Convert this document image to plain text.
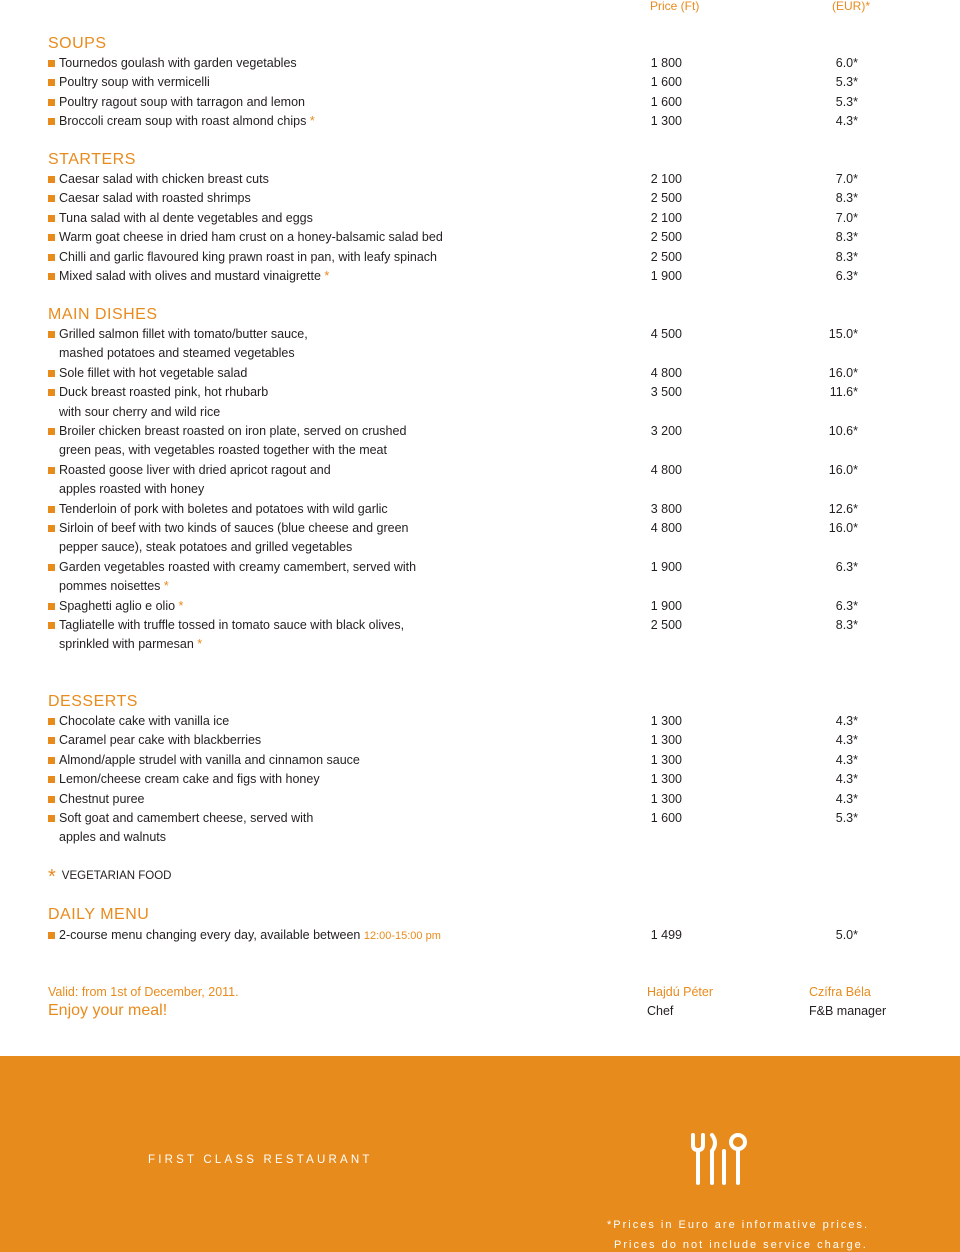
Price (Ft)	(EUR)*
SOUPS
Tournedos goulash with garden vegetables	1 800	6.0*
Poultry soup with vermicelli	1 600	5.3*
Poultry ragout soup with tarragon and lemon	1 600	5.3*
Broccoli cream soup with roast almond chips *	1 300	4.3*
STARTERS
Caesar salad with chicken breast cuts	2 100	7.0*
Caesar salad with roasted shrimps	2 500	8.3*
Tuna salad with al dente vegetables and eggs	2 100	7.0*
Warm goat cheese in dried ham crust on a honey-balsamic salad bed	2 500	8.3*
Chilli and garlic flavoured king prawn roast in pan, with leafy spinach	2 500	8.3*
Mixed salad with olives and mustard vinaigrette *	1 900	6.3*
MAIN DISHES
Grilled salmon fillet with tomato/butter sauce,	4 500	15.0*
mashed potatoes and steamed vegetables
Sole fillet with hot vegetable salad	4 800	16.0*
Duck breast roasted pink, hot rhubarb	3 500	11.6*
with sour cherry and wild rice
Broiler chicken breast roasted on iron plate, served on crushed	3 200	10.6*
green peas, with vegetables roasted together with the meat
Roasted goose liver with dried apricot ragout and	4 800	16.0*
apples roasted with honey
Tenderloin of pork with boletes and potatoes with wild garlic	3 800	12.6*
Sirloin of beef with two kinds of sauces (blue cheese and green	4 800	16.0*
pepper sauce), steak potatoes and grilled vegetables
Garden vegetables roasted with creamy camembert, served with	1 900	6.3*
pommes noisettes *
Spaghetti aglio e olio *	1 900	6.3*
Tagliatelle with truffle tossed in tomato sauce with black olives,	2 500	8.3*
sprinkled with parmesan *
DESSERTS
Chocolate cake with vanilla ice	1 300	4.3*
Caramel pear cake with blackberries	1 300	4.3*
Almond/apple strudel with vanilla and cinnamon sauce	1 300	4.3*
Lemon/cheese cream cake and figs with honey	1 300	4.3*
Chestnut puree	1 300	4.3*
Soft goat and camembert cheese, served with	1 600	5.3*
apples and walnuts
* VEGETARIAN FOOD
DAILY MENU
2-course menu changing every day, available between 12:00-15:00 pm	1 499	5.0*
Valid: from 1st of December, 2011.
Enjoy your meal!
Hajdú Péter
Chef
Czífra Béla
F&B manager
FIRST CLASS RESTAURANT
*Prices in Euro are informative prices.
Prices do not include service charge.
